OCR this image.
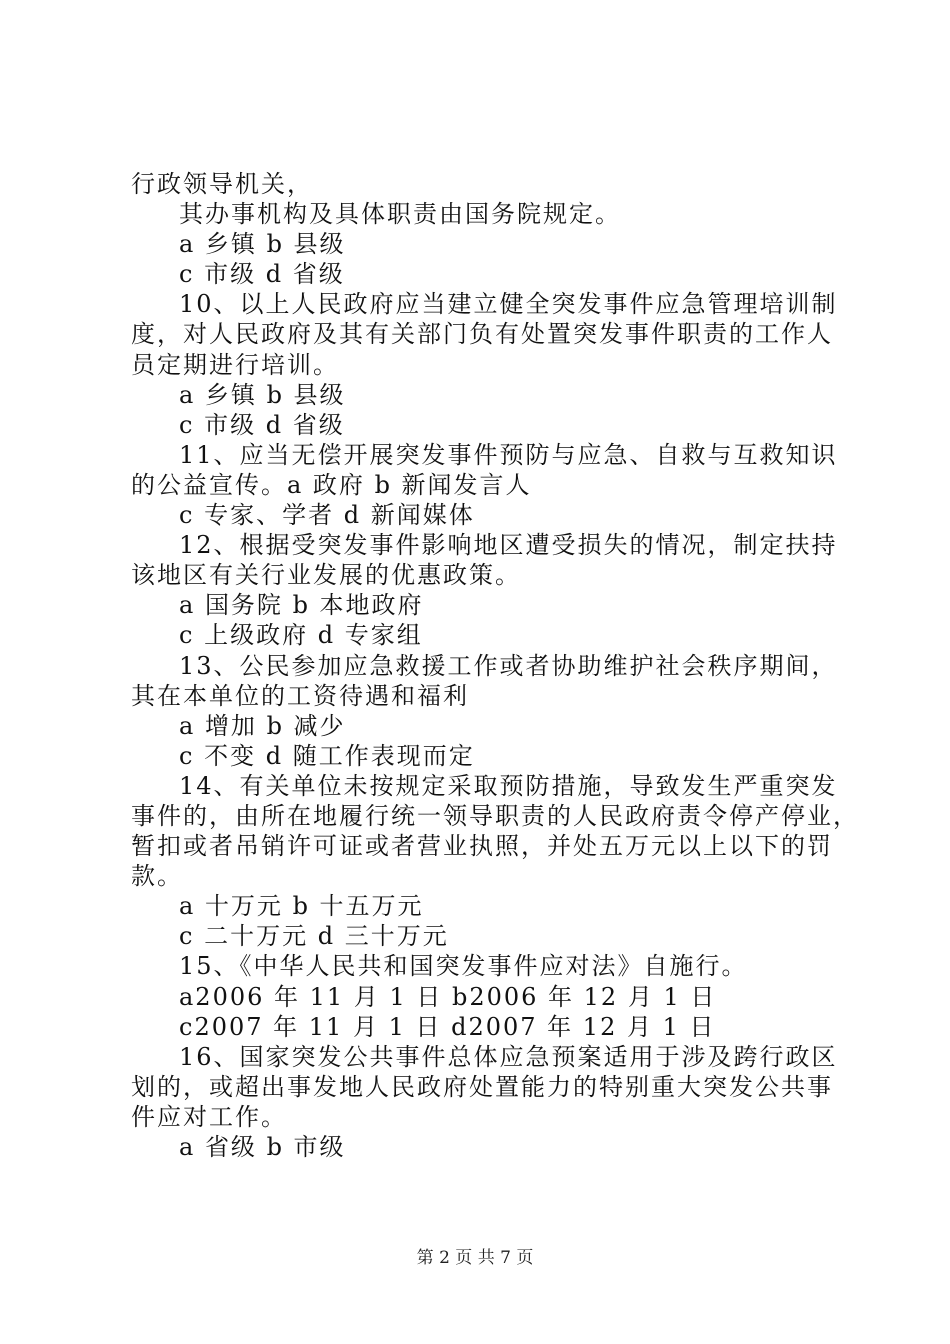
行政领导机关，
其办事机构及具体职责由国务院规定。
a 乡镇 b 县级
c 市级 d 省级
10、以上人民政府应当建立健全突发事件应急管理培训制
度，对人民政府及其有关部门负有处置突发事件职责的工作人
员定期进行培训。
a 乡镇 b 县级
c 市级 d 省级
11、应当无偿开展突发事件预防与应急、自救与互救知识
的公益宣传。a 政府 b 新闻发言人
c 专家、学者 d 新闻媒体
12、根据受突发事件影响地区遭受损失的情况，制定扶持
该地区有关行业发展的优惠政策。
a 国务院 b 本地政府
c 上级政府 d 专家组
13、公民参加应急救援工作或者协助维护社会秩序期间，
其在本单位的工资待遇和福利
a 增加 b 减少
c 不变 d 随工作表现而定
14、有关单位未按规定采取预防措施，导致发生严重突发
事件的，由所在地履行统一领导职责的人民政府责令停产停业，
暂扣或者吊销许可证或者营业执照，并处五万元以上以下的罚
款。
a 十万元 b 十五万元
c 二十万元 d 三十万元
15、《中华人民共和国突发事件应对法》自施行。
a2006 年 11 月 1 日 b2006 年 12 月 1 日
c2007 年 11 月 1 日 d2007 年 12 月 1 日
16、国家突发公共事件总体应急预案适用于涉及跨行政区
划的，或超出事发地人民政府处置能力的特别重大突发公共事
件应对工作。
a 省级 b 市级
第 2 页 共 7 页
